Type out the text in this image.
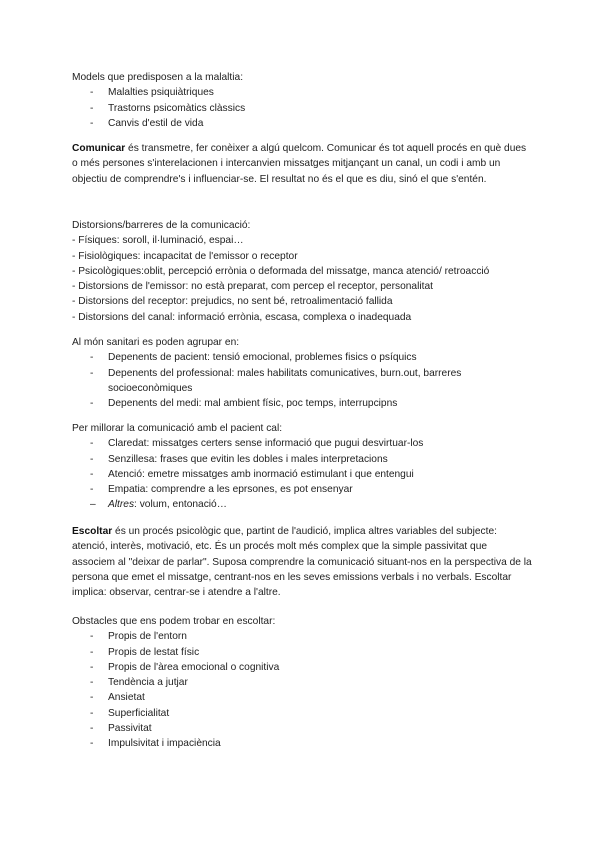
Models que predisposen a la malaltia:
- Malalties psiquiàtriques
- Trastorns psicomàtics clàssics
- Canvis d'estil de vida
Comunicar és transmetre, fer conèixer a algú quelcom. Comunicar és tot aquell procés en què dues o més persones s'interelacionen i intercanvien missatges mitjançant un canal, un codi i amb un objectiu de comprendre's i influenciar-se. El resultat no és el que es diu, sinó el que s'entén.
Distorsions/barreres de la comunicació:
- Físiques: soroll, il·luminació, espai…
- Fisiològiques: incapacitat de l'emissor o receptor
- Psicològiques:oblit, percepció errònia o deformada del missatge, manca atenció/ retroacció
- Distorsions de l'emissor: no està preparat, com percep el receptor, personalitat
- Distorsions del receptor: prejudics, no sent bé, retroalimentació fallida
- Distorsions del canal: informació errònia, escasa, complexa o inadequada
Al món sanitari es poden agrupar en:
- Depenents de pacient: tensió emocional, problemes fisics o psíquics
- Depenents del professional: males habilitats comunicatives, burn.out, barreres socioeconòmiques
- Depenents del medi: mal ambient físic, poc temps, interrupcipns
Per millorar la comunicació amb el pacient cal:
- Claredat: missatges certers sense informació que pugui desvirtuar-los
- Senzillesa: frases que evitin les dobles i males interpretacions
- Atenció: emetre missatges amb inormació estimulant i que entengui
- Empatia: comprendre a les eprsones, es pot ensenyar
– Altres: volum, entonació…
Escoltar és un procés psicològic que, partint de l'audició, implica altres variables del subjecte: atenció, interès, motivació, etc. És un procés molt més complex que la simple passivitat que associem al "deixar de parlar". Suposa comprendre la comunicació situant-nos en la perspectiva de la persona que emet el missatge, centrant-nos en les seves emissions verbals i no verbals. Escoltar implica: observar, centrar-se i atendre a l'altre.
Obstacles que ens podem trobar en escoltar:
- Propis de l'entorn
- Propis de lestat físic
- Propis de l'àrea emocional o cognitiva
- Tendència a jutjar
- Ansietat
- Superficialitat
- Passivitat
- Impulsivitat i impaciència
